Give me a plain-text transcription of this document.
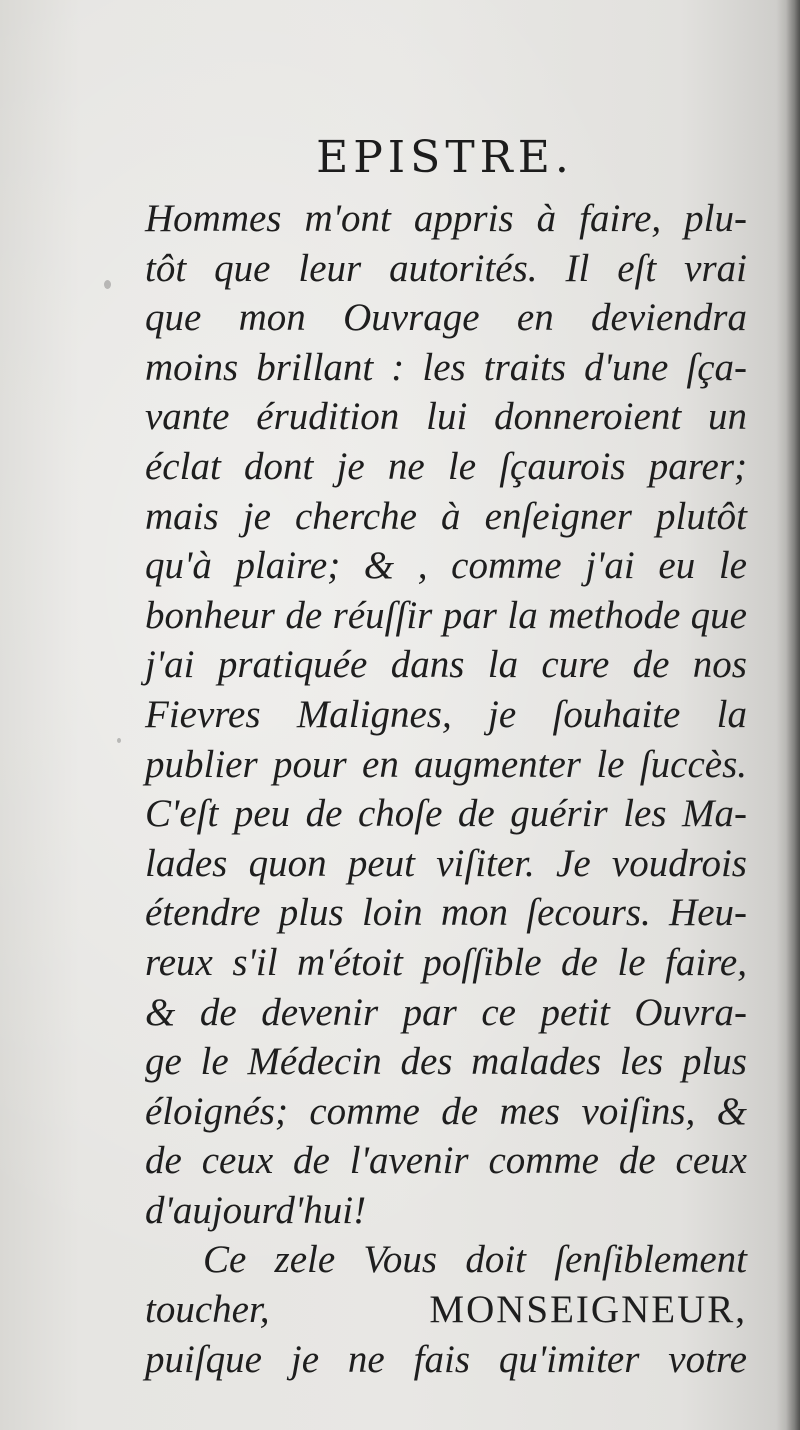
EPISTRE.
Hommes m'ont appris à faire, plu-
tôt que leur autorités. Il eſt vrai
que mon Ouvrage en deviendra
moins brillant : les traits d'une ſça-
vante érudition lui donneroient un
éclat dont je ne le ſçaurois parer;
mais je cherche à enſeigner plutôt
qu'à plaire; & , comme j'ai eu le
bonheur de réuſſir par la methode que
j'ai pratiquée dans la cure de nos
Fievres Malignes, je ſouhaite la
publier pour en augmenter le ſuccès.
C'eſt peu de choſe de guérir les Ma-
lades quon peut viſiter. Je voudrois
étendre plus loin mon ſecours. Heu-
reux s'il m'étoit poſſible de le faire,
& de devenir par ce petit Ouvra-
ge le Médecin des malades les plus
éloignés; comme de mes voiſins, &
de ceux de l'avenir comme de ceux
d'aujourd'hui!
Ce zele Vous doit ſenſiblement
toucher,	MONSEIGNEUR,
puiſque je ne fais qu'imiter votre
